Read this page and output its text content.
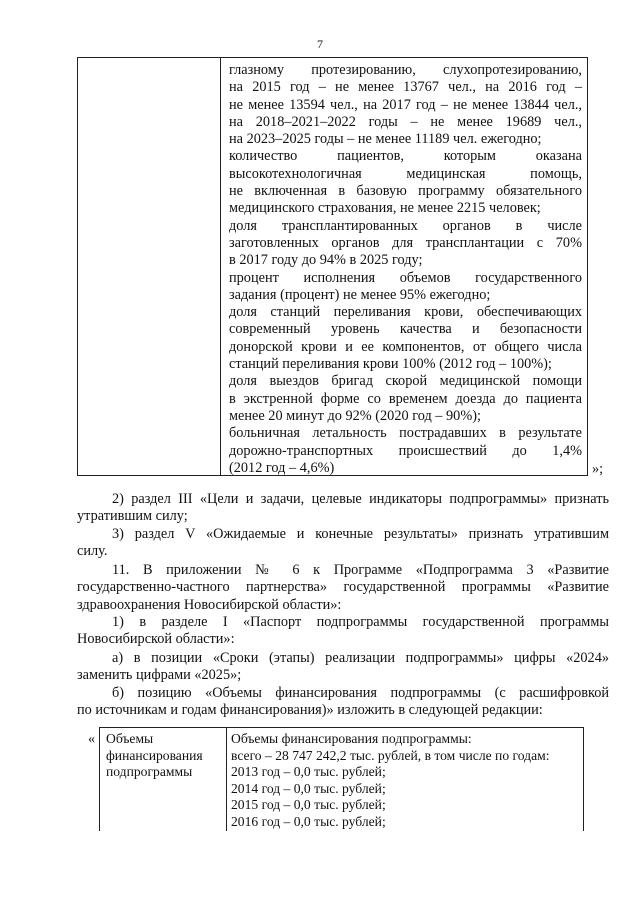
7
глазному протезированию, слухопротезированию,
на 2015 год – не менее 13767 чел., на 2016 год –
не менее 13594 чел., на 2017 год – не менее 13844 чел.,
на 2018–2021–2022 годы – не менее 19689 чел.,
на 2023–2025 годы – не менее 11189 чел. ежегодно;
количество пациентов, которым оказана
высокотехнологичная медицинская помощь,
не включенная в базовую программу обязательного
медицинского страхования, не менее 2215 человек;
доля трансплантированных органов в числе
заготовленных органов для трансплантации с 70%
в 2017 году до 94% в 2025 году;
процент исполнения объемов государственного
задания (процент) не менее 95% ежегодно;
доля станций переливания крови, обеспечивающих
современный уровень качества и безопасности
донорской крови и ее компонентов, от общего числа
станций переливания крови 100% (2012 год – 100%);
доля выездов бригад скорой медицинской помощи
в экстренной форме со временем доезда до пациента
менее 20 минут до 92% (2020 год – 90%);
больничная летальность пострадавших в результате
дорожно-транспортных происшествий до 1,4%
(2012 год – 4,6%)	»;
2) раздел III «Цели и задачи, целевые индикаторы подпрограммы» признать
утратившим силу;
3) раздел V «Ожидаемые и конечные результаты» признать утратившим
силу.
11. В приложении № 6 к Программе «Подпрограмма 3 «Развитие
государственно-частного партнерства» государственной программы «Развитие
здравоохранения Новосибирской области»:
1) в разделе I «Паспорт подпрограммы государственной программы
Новосибирской области»:
а) в позиции «Сроки (этапы) реализации подпрограммы» цифры «2024»
заменить цифрами «2025»;
б) позицию «Объемы финансирования подпрограммы (с расшифровкой
по источникам и годам финансирования)» изложить в следующей редакции:
« Объемы
финансирования
подпрограммы
Объемы финансирования подпрограммы:
всего – 28 747 242,2 тыс. рублей, в том числе по годам:
2013 год – 0,0 тыс. рублей;
2014 год – 0,0 тыс. рублей;
2015 год – 0,0 тыс. рублей;
2016 год – 0,0 тыс. рублей;
